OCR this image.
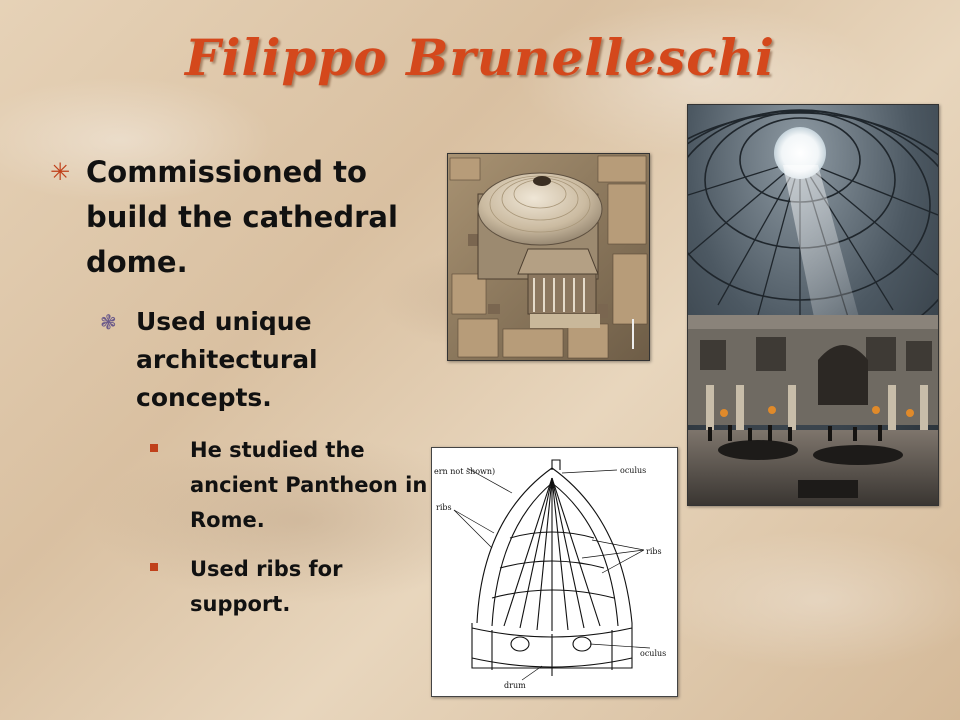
Filippo Brunelleschi
✳ Commissioned to build the cathedral dome.
❃ Used unique architectural concepts.
He studied the ancient Pantheon in Rome.
Used ribs for support.
ern not shown)	oculus
ribs
ribs
oculus
drum
